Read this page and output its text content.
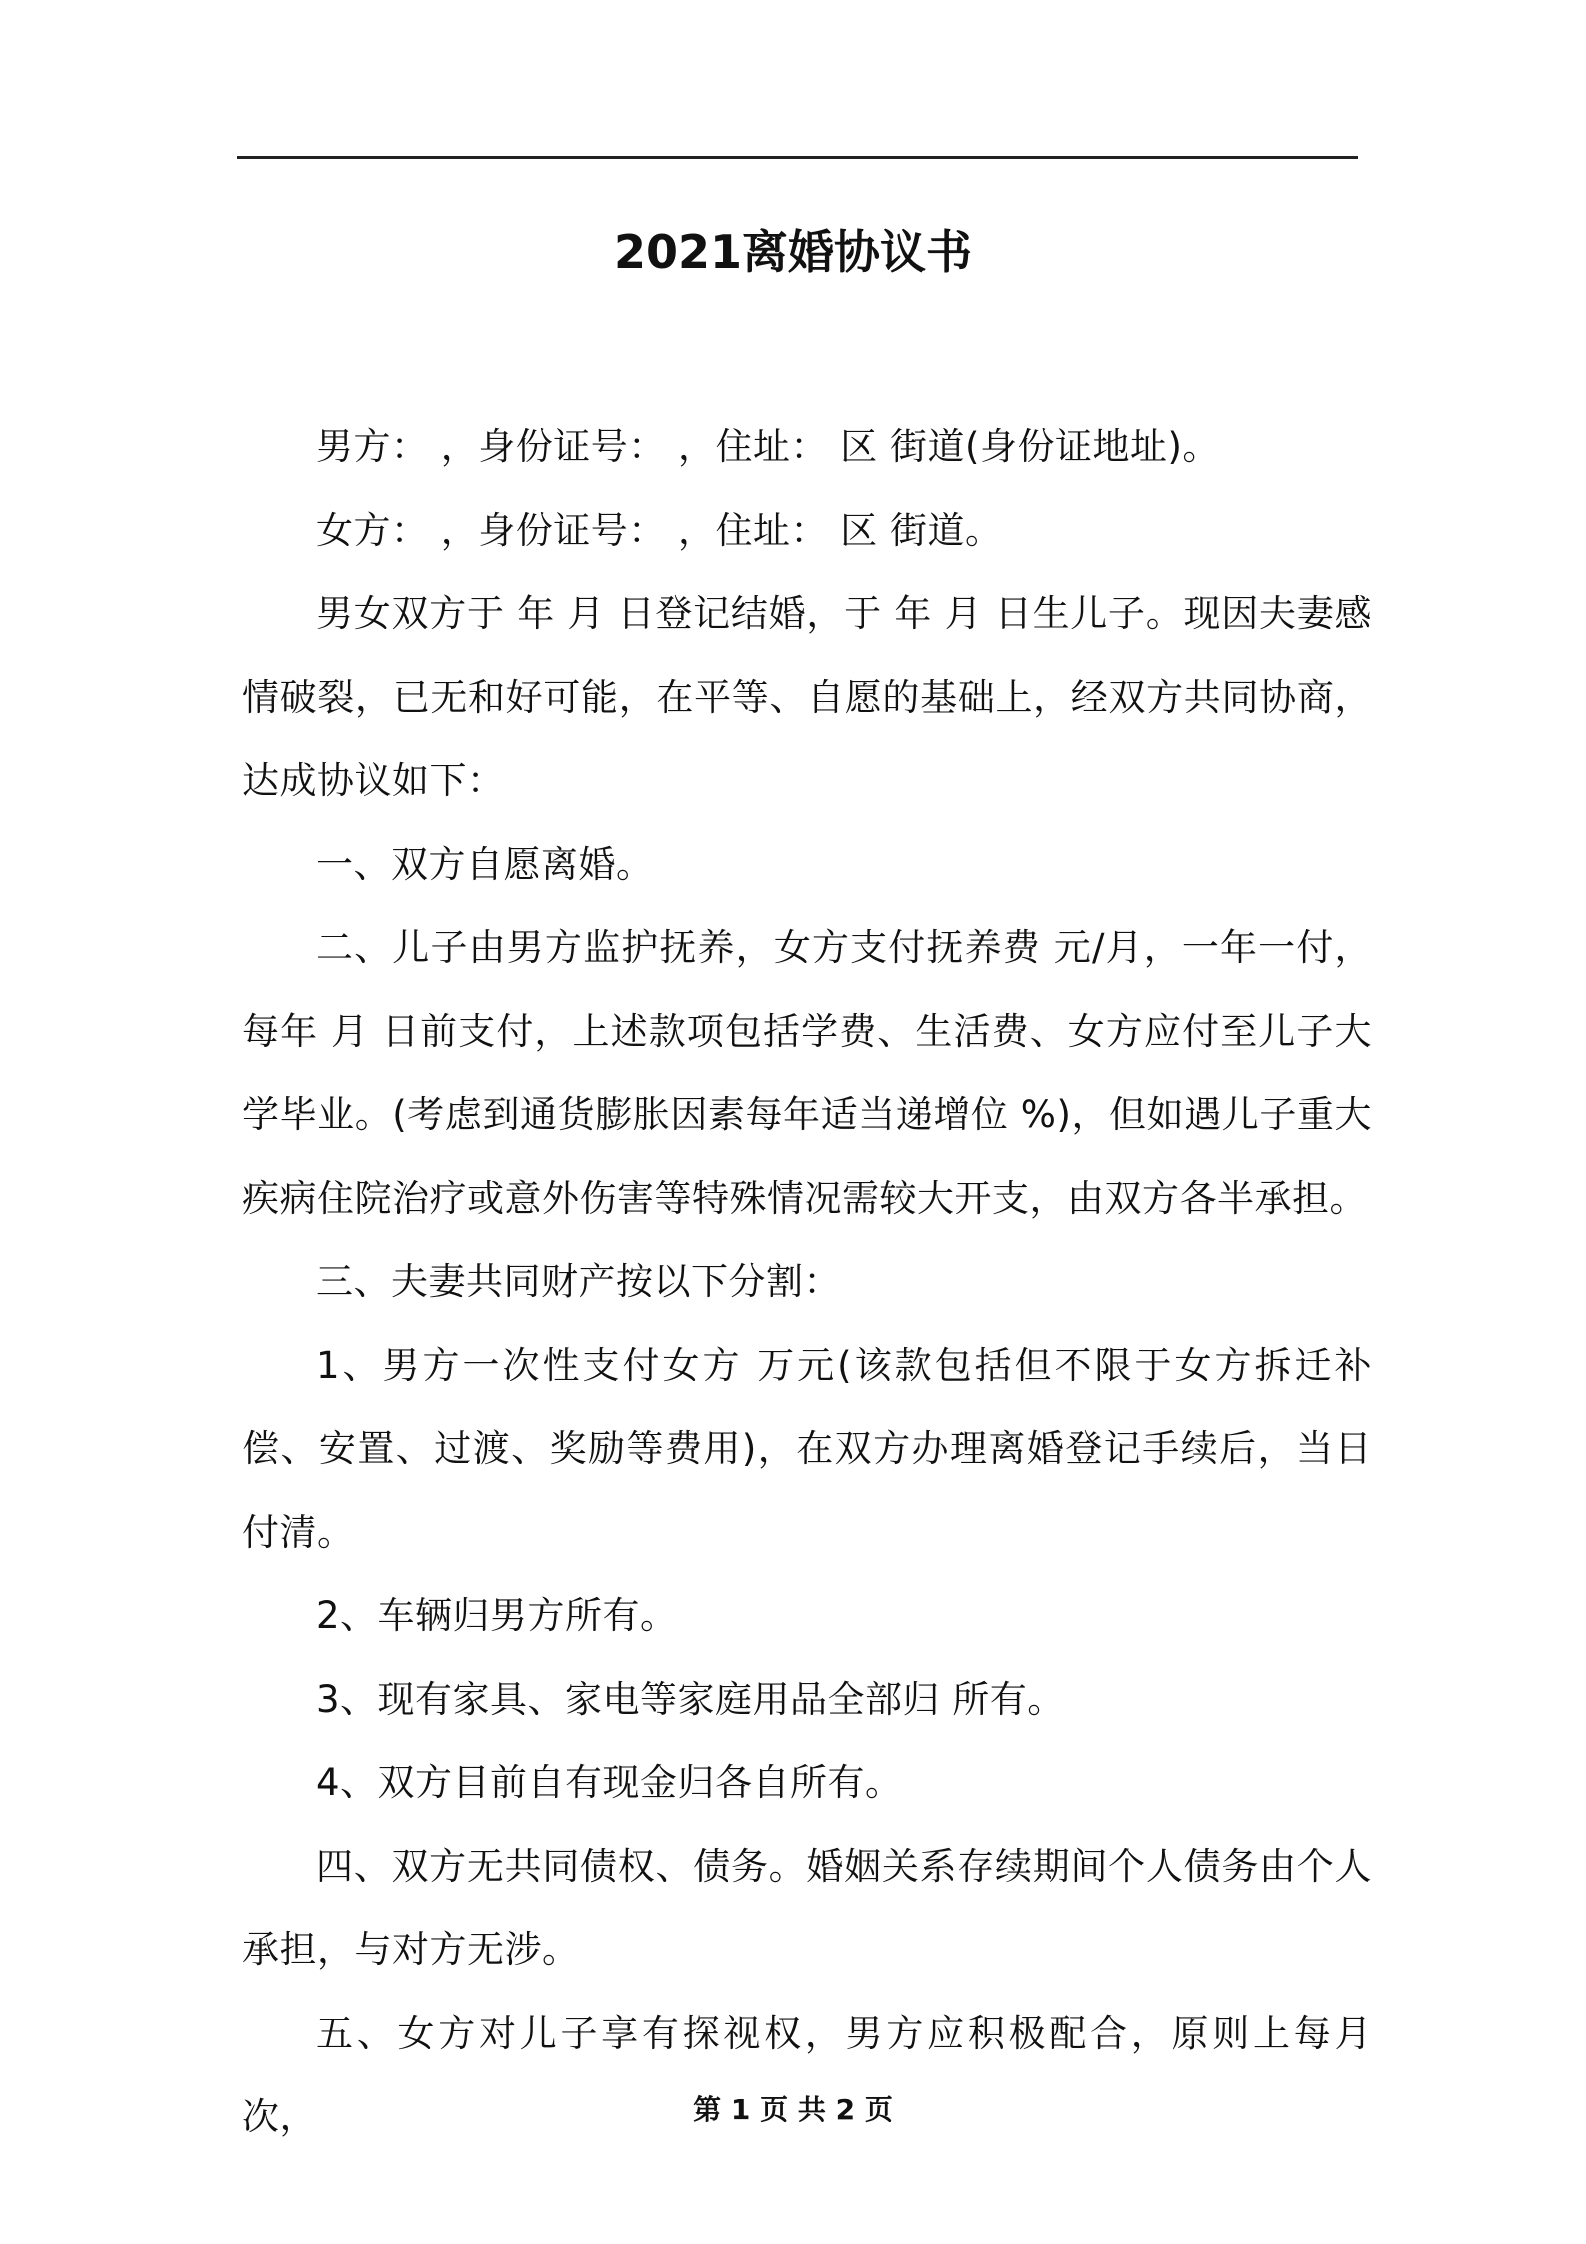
2021离婚协议书

男方： ，身份证号： ，住址： 区 街道(身份证地址)。

女方： ，身份证号： ，住址： 区 街道。

男女双方于 年 月 日登记结婚，于 年 月 日生儿子。现因夫妻感情破裂，已无和好可能，在平等、自愿的基础上，经双方共同协商，达成协议如下：

一、双方自愿离婚。

二、儿子由男方监护抚养，女方支付抚养费 元/月，一年一付，每年 月 日前支付，上述款项包括学费、生活费、女方应付至儿子大学毕业。(考虑到通货膨胀因素每年适当递增位 %)，但如遇儿子重大疾病住院治疗或意外伤害等特殊情况需较大开支，由双方各半承担。

三、夫妻共同财产按以下分割：

1、男方一次性支付女方 万元(该款包括但不限于女方拆迁补偿、安置、过渡、奖励等费用)，在双方办理离婚登记手续后，当日付清。

2、车辆归男方所有。

3、现有家具、家电等家庭用品全部归 所有。

4、双方目前自有现金归各自所有。

四、双方无共同债权、债务。婚姻关系存续期间个人债务由个人承担，与对方无涉。

五、女方对儿子享有探视权，男方应积极配合，原则上每月 次，	第 1 页 共 2 页
